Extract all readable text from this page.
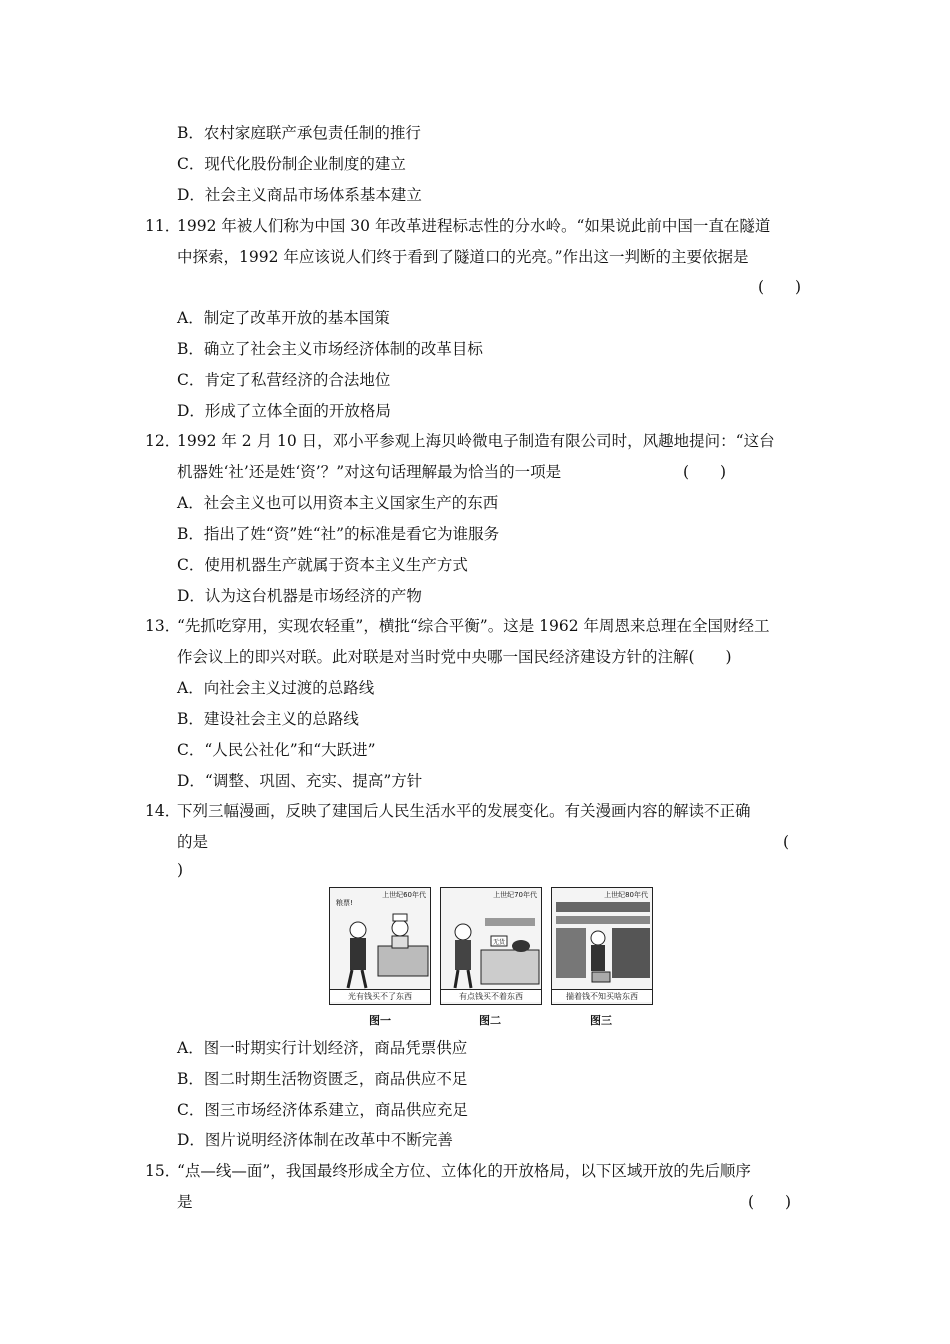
B．农村家庭联产承包责任制的推行
C．现代化股份制企业制度的建立
D．社会主义商品市场体系基本建立
11．
1992 年被人们称为中国 30 年改革进程标志性的分水岭。“如果说此前中国一直在隧道
中探索，1992 年应该说人们终于看到了隧道口的光亮。”作出这一判断的主要依据是
(　　)
A．制定了改革开放的基本国策
B．确立了社会主义市场经济体制的改革目标
C．肯定了私营经济的合法地位
D．形成了立体全面的开放格局
12．
1992 年 2 月 10 日，邓小平参观上海贝岭微电子制造有限公司时，风趣地提问：“这台
机器姓‘社’还是姓‘资’？”对这句话理解最为恰当的一项是	(　　)
A．社会主义也可以用资本主义国家生产的东西
B．指出了姓“资”姓“社”的标准是看它为谁服务
C．使用机器生产就属于资本主义生产方式
D．认为这台机器是市场经济的产物
13．
“先抓吃穿用，实现农轻重”，横批“综合平衡”。这是 1962 年周恩来总理在全国财经工
作会议上的即兴对联。此对联是对当时党中央哪一国民经济建设方针的注解(　　)
A．向社会主义过渡的总路线
B．建设社会主义的总路线
C．“人民公社化”和“大跃进”
D．“调整、巩固、充实、提高”方针
14．
下列三幅漫画，反映了建国后人民生活水平的发展变化。有关漫画内容的解读不正确
的是	(
)
上世纪60年代
粮票!
光有钱买不了东西
上世纪70年代
无货
有点钱买不着东西
上世纪80年代
揣着钱不知买啥东西
图一	图二	图三
A．图一时期实行计划经济，商品凭票供应
B．图二时期生活物资匮乏，商品供应不足
C．图三市场经济体系建立，商品供应充足
D．图片说明经济体制在改革中不断完善
15．
“点—线—面”，我国最终形成全方位、立体化的开放格局，以下区域开放的先后顺序
是	(　　)
